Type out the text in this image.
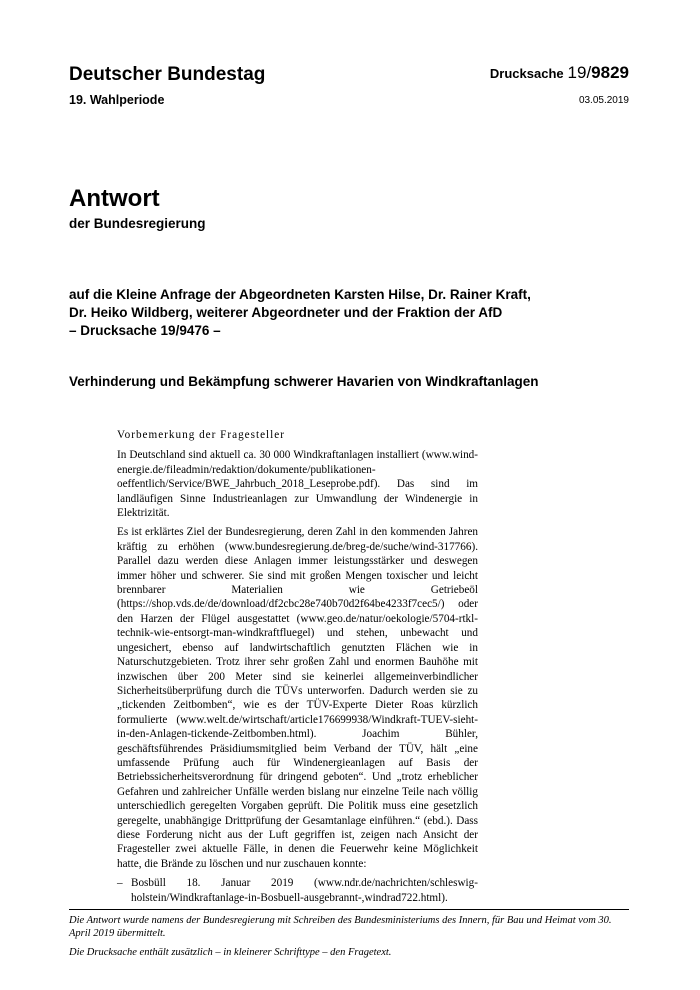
Deutscher Bundestag
19. Wahlperiode
Drucksache 19/9829
03.05.2019
Antwort
der Bundesregierung
auf die Kleine Anfrage der Abgeordneten Karsten Hilse, Dr. Rainer Kraft,
Dr. Heiko Wildberg, weiterer Abgeordneter und der Fraktion der AfD
– Drucksache 19/9476 –
Verhinderung und Bekämpfung schwerer Havarien von Windkraftanlagen
Vorbemerkung der Fragesteller

In Deutschland sind aktuell ca. 30 000 Windkraftanlagen installiert (www.wind-energie.de/fileadmin/redaktion/dokumente/publikationen-oeffentlich/Service/BWE_Jahrbuch_2018_Leseprobe.pdf). Das sind im landläufigen Sinne Industrieanlagen zur Umwandlung der Windenergie in Elektrizität.

Es ist erklärtes Ziel der Bundesregierung, deren Zahl in den kommenden Jahren kräftig zu erhöhen (www.bundesregierung.de/breg-de/suche/wind-317766). Parallel dazu werden diese Anlagen immer leistungsstärker und deswegen immer höher und schwerer. Sie sind mit großen Mengen toxischer und leicht brennbarer Materialien wie Getriebeöl (https://shop.vds.de/de/download/df2cbc28e740b70d2f64be4233f7cec5/) oder den Harzen der Flügel ausgestattet (www.geo.de/natur/oekologie/5704-rtkl-technik-wie-entsorgt-man-windkraftfluegel) und stehen, unbewacht und ungesichert, ebenso auf landwirtschaftlich genutzten Flächen wie in Naturschutzgebieten. Trotz ihrer sehr großen Zahl und enormen Bauhöhe mit inzwischen über 200 Meter sind sie keinerlei allgemeinverbindlicher Sicherheitsüberprüfung durch die TÜVs unterworfen. Dadurch werden sie zu „tickenden Zeitbomben“, wie es der TÜV-Experte Dieter Roas kürzlich formulierte (www.welt.de/wirtschaft/article176699938/Windkraft-TUEV-sieht-in-den-Anlagen-tickende-Zeitbomben.html). Joachim Bühler, geschäftsführendes Präsidiumsmitglied beim Verband der TÜV, hält „eine umfassende Prüfung auch für Windenergieanlagen auf Basis der Betriebssicherheitsverordnung für dringend geboten“. Und „trotz erheblicher Gefahren und zahlreicher Unfälle werden bislang nur einzelne Teile nach völlig unterschiedlich geregelten Vorgaben geprüft. Die Politik muss eine gesetzlich geregelte, unabhängige Drittprüfung der Gesamtanlage einführen.“ (ebd.). Dass diese Forderung nicht aus der Luft gegriffen ist, zeigen nach Ansicht der Fragesteller zwei aktuelle Fälle, in denen die Feuerwehr keine Möglichkeit hatte, die Brände zu löschen und nur zuschauen konnte:

– Bosbüll 18. Januar 2019 (www.ndr.de/nachrichten/schleswig-holstein/Windkraftanlage-in-Bosbuell-ausgebrannt-,windrad722.html).
Die Antwort wurde namens der Bundesregierung mit Schreiben des Bundesministeriums des Innern, für Bau und Heimat vom 30. April 2019 übermittelt.
Die Drucksache enthält zusätzlich – in kleinerer Schrifttype – den Fragetext.
